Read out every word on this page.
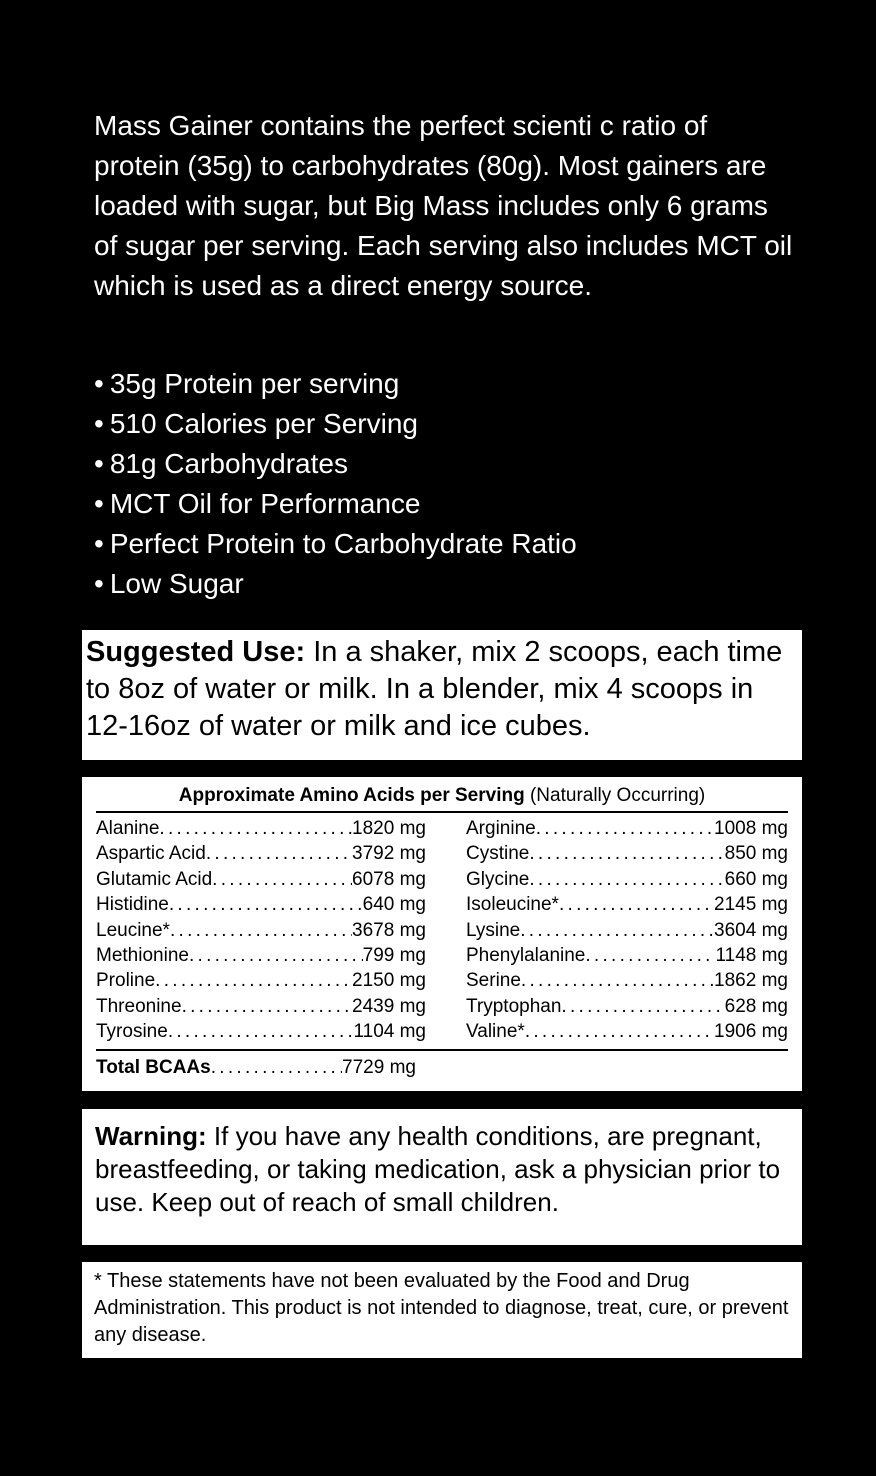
Mass Gainer contains the perfect scienti c ratio of protein (35g) to carbohydrates (80g). Most gainers are loaded with sugar, but Big Mass includes only 6 grams of sugar per serving. Each serving also includes MCT oil which is used as a direct energy source.

• 35g Protein per serving
• 510 Calories per Serving
• 81g Carbohydrates
• MCT Oil for Performance
• Perfect Protein to Carbohydrate Ratio
• Low Sugar
Suggested Use: In a shaker, mix 2 scoops, each time to 8oz of water or milk. In a blender, mix 4 scoops in 12-16oz of water or milk and ice cubes.
Approximate Amino Acids per Serving (Naturally Occurring)
Alanine . . .	1820 mg
Aspartic Acid . . .	3792 mg
Glutamic Acid . . .	6078 mg
Histidine . . .	640 mg
Leucine* . . .	3678 mg
Methionine . . .	799 mg
Proline . . .	2150 mg
Threonine . . .	2439 mg
Tyrosine . . .	1104 mg
Arginine . . .	1008 mg
Cystine . . .	850 mg
Glycine . . .	660 mg
Isoleucine* . . .	2145 mg
Lysine . . .	3604 mg
Phenylalanine . . .	1148 mg
Serine . . .	1862 mg
Tryptophan . . .	628 mg
Valine* . . .	1906 mg
Total BCAAs . . .	7729 mg
Warning: If you have any health conditions, are pregnant, breastfeeding, or taking medication, ask a physician prior to use. Keep out of reach of small children.
* These statements have not been evaluated by the Food and Drug Administration. This product is not intended to diagnose, treat, cure, or prevent any disease.
